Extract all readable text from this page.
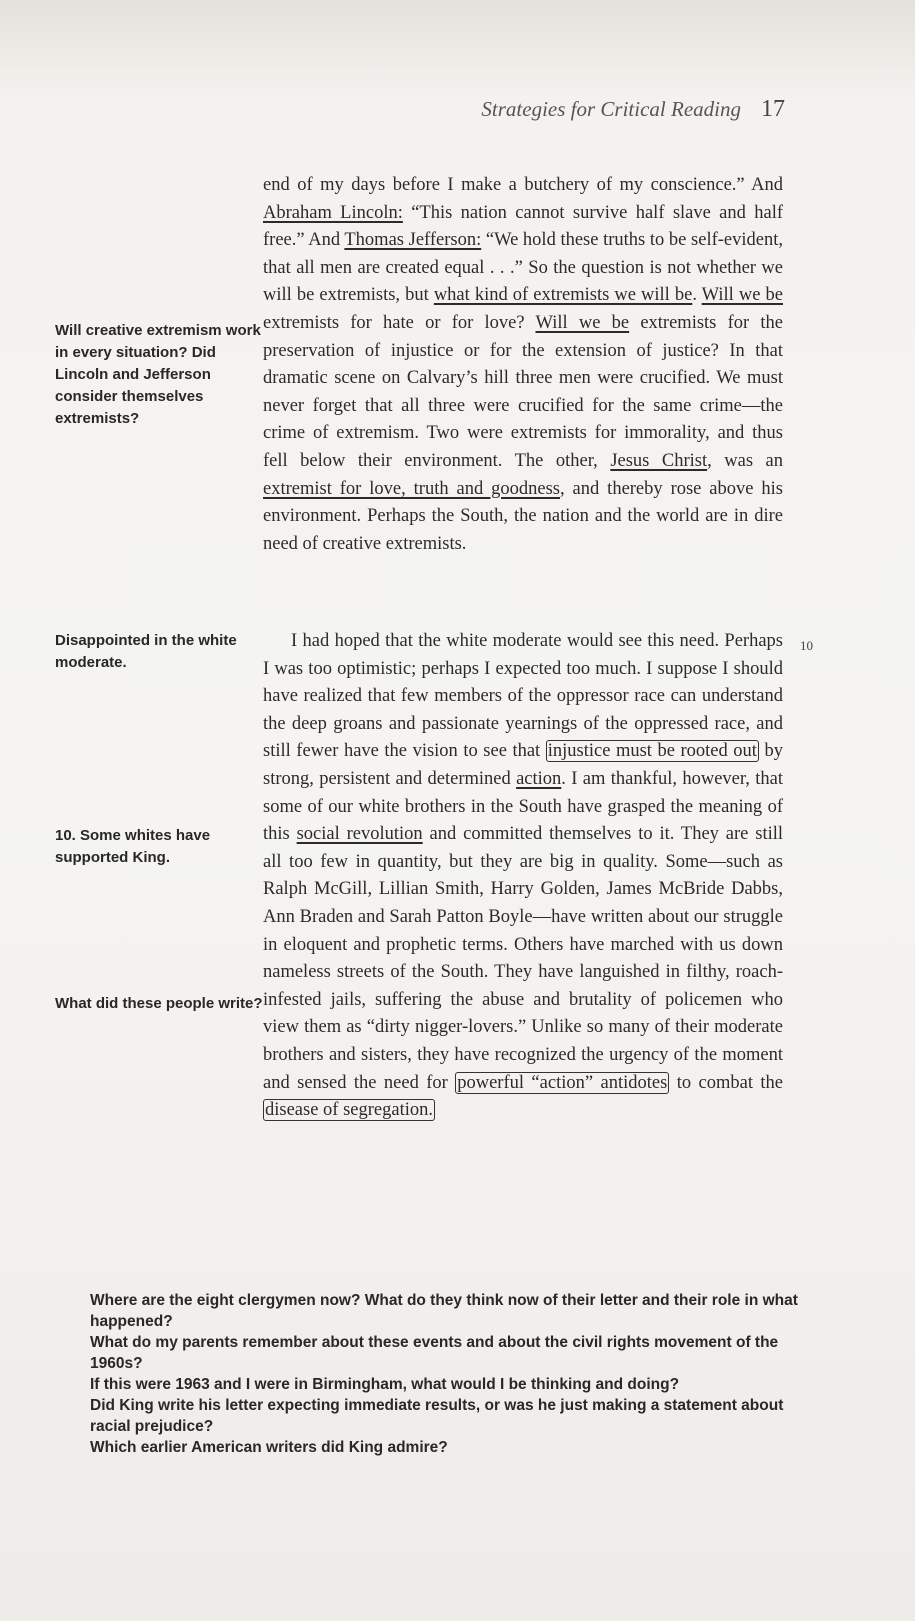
Strategies for Critical Reading 17

end of my days before I make a butchery of my conscience.” And Abraham Lincoln: “This nation cannot survive half slave and half free.” And Thomas Jefferson: “We hold these truths to be self-evident, that all men are created equal . . .” So the question is not whether we will be extremists, but what kind of extremists we will be. Will we be extremists for hate or for love? Will we be extremists for the preservation of injustice or for the extension of justice? In that dramatic scene on Calvary’s hill three men were crucified. We must never forget that all three were crucified for the same crime—the crime of extremism. Two were extremists for immorality, and thus fell below their environment. The other, Jesus Christ, was an extremist for love, truth and goodness, and thereby rose above his environment. Perhaps the South, the nation and the world are in dire need of creative extremists.

I had hoped that the white moderate would see this need. Perhaps I was too optimistic; perhaps I expected too much. I suppose I should have realized that few members of the oppressor race can understand the deep groans and passionate yearnings of the oppressed race, and still fewer have the vision to see that injustice must be rooted out by strong, persistent and determined action. I am thankful, however, that some of our white brothers in the South have grasped the meaning of this social revolution and committed themselves to it. They are still all too few in quantity, but they are big in quality. Some—such as Ralph McGill, Lillian Smith, Harry Golden, James McBride Dabbs, Ann Braden and Sarah Patton Boyle—have written about our struggle in eloquent and prophetic terms. Others have marched with us down nameless streets of the South. They have languished in filthy, roach-infested jails, suffering the abuse and brutality of policemen who view them as “dirty nigger-lovers.” Unlike so many of their moderate brothers and sisters, they have recognized the urgency of the moment and sensed the need for powerful “action” antidotes to combat the disease of segregation.

10
Will creative extremism work in every situation? Did Lincoln and Jefferson consider themselves extremists?
Disappointed in the white moderate.
10. Some whites have supported King.
What did these people write?

Where are the eight clergymen now? What do they think now of their letter and their role in what happened?

What do my parents remember about these events and about the civil rights movement of the 1960s?

If this were 1963 and I were in Birmingham, what would I be thinking and doing?

Did King write his letter expecting immediate results, or was he just making a statement about racial prejudice?

Which earlier American writers did King admire?
